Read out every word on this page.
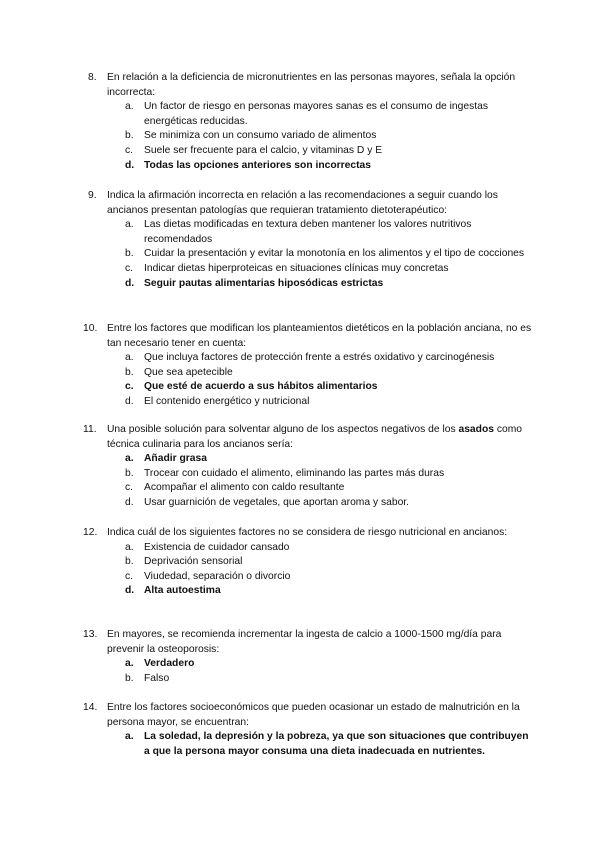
8.	En relación a la deficiencia de micronutrientes en las personas mayores, señala la opción incorrecta:
a. Un factor de riesgo en personas mayores sanas es el consumo de ingestas energéticas reducidas.
b. Se minimiza con un consumo variado de alimentos
c. Suele ser frecuente para el calcio, y vitaminas D y E
d. Todas las opciones anteriores son incorrectas
9.	Indica la afirmación incorrecta en relación a las recomendaciones a seguir cuando los ancianos presentan patologías que requieran tratamiento dietoterapéutico:
a. Las dietas modificadas en textura deben mantener los valores nutritivos recomendados
b. Cuidar la presentación y evitar la monotonía en los alimentos y el tipo de cocciones
c. Indicar dietas hiperproteicas en situaciones clínicas muy concretas
d. Seguir pautas alimentarias hiposódicas estrictas
10. Entre los factores que modifican los planteamientos dietéticos en la población anciana, no es tan necesario tener en cuenta:
a. Que incluya factores de protección frente a estrés oxidativo y carcinogénesis
b. Que sea apetecible
c. Que esté de acuerdo a sus hábitos alimentarios
d. El contenido energético y nutricional
11.	Una posible solución para solventar alguno de los aspectos negativos de los asados como técnica culinaria para los ancianos sería:
a. Añadir grasa
b. Trocear con cuidado el alimento, eliminando las partes más duras
c. Acompañar el alimento con caldo resultante
d. Usar guarnición de vegetales, que aportan aroma y sabor.
12. Indica cuál de los siguientes factores no se considera de riesgo nutricional en ancianos:
a. Existencia de cuidador cansado
b. Deprivación sensorial
c. Viudedad, separación o divorcio
d. Alta autoestima
13. En mayores, se recomienda incrementar la ingesta de calcio a 1000-1500 mg/día para prevenir la osteoporosis:
a. Verdadero
b. Falso
14. Entre los factores socioeconómicos que pueden ocasionar un estado de malnutrición en la persona mayor, se encuentran:
a. La soledad, la depresión y la pobreza, ya que son situaciones que contribuyen a que la persona mayor consuma una dieta inadecuada en nutrientes.
